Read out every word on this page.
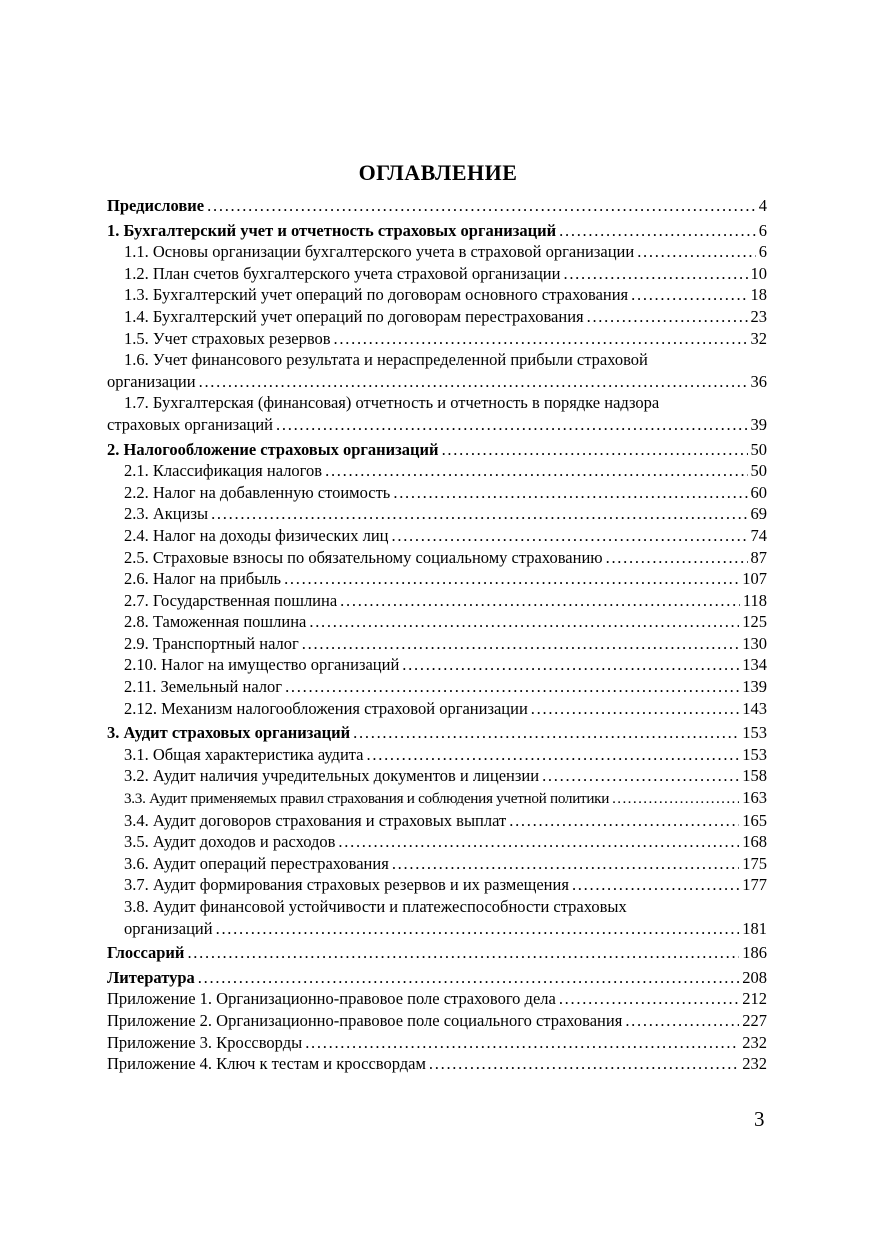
ОГЛАВЛЕНИЕ
Предисловие . . .	4
1. Бухгалтерский учет и отчетность страховых организаций . . .	6
1.1. Основы организации бухгалтерского учета в страховой организации . . .	6
1.2. План счетов бухгалтерского учета страховой организации . . .	10
1.3. Бухгалтерский учет операций по договорам основного страхования . . .	18
1.4. Бухгалтерский учет операций по договорам перестрахования . . .	23
1.5. Учет страховых резервов . . .	32
1.6. Учет финансового результата и нераспределенной прибыли страховой
организации . . .	36
1.7. Бухгалтерская (финансовая) отчетность и отчетность в порядке надзора
страховых организаций . . .	39
2. Налогообложение страховых организаций . . .	50
2.1. Классификация налогов . . .	50
2.2. Налог на добавленную стоимость . . .	60
2.3. Акцизы . . .	69
2.4. Налог на доходы физических лиц . . .	74
2.5. Страховые взносы по обязательному социальному страхованию . . .	87
2.6. Налог на прибыль . . .	107
2.7. Государственная пошлина . . .	118
2.8. Таможенная пошлина . . .	125
2.9. Транспортный налог . . .	130
2.10. Налог на имущество организаций . . .	134
2.11. Земельный налог . . .	139
2.12. Механизм налогообложения страховой организации . . .	143
3. Аудит страховых организаций . . .	153
3.1. Общая характеристика аудита . . .	153
3.2. Аудит наличия учредительных документов и лицензии . . .	158
3.3. Аудит применяемых правил страхования и соблюдения учетной политики . . .	163
3.4. Аудит договоров страхования и страховых выплат . . .	165
3.5. Аудит доходов и расходов . . .	168
3.6. Аудит операций перестрахования . . .	175
3.7. Аудит формирования страховых резервов и их размещения . . .	177
3.8. Аудит финансовой устойчивости и платежеспособности страховых
организаций . . .	181
Глоссарий . . .	186
Литература . . .	208
Приложение 1. Организационно-правовое поле страхового дела . . .	212
Приложение 2. Организационно-правовое поле социального страхования . . .	227
Приложение 3. Кроссворды . . .	232
Приложение 4. Ключ к тестам и кроссвордам . . .	232
3
